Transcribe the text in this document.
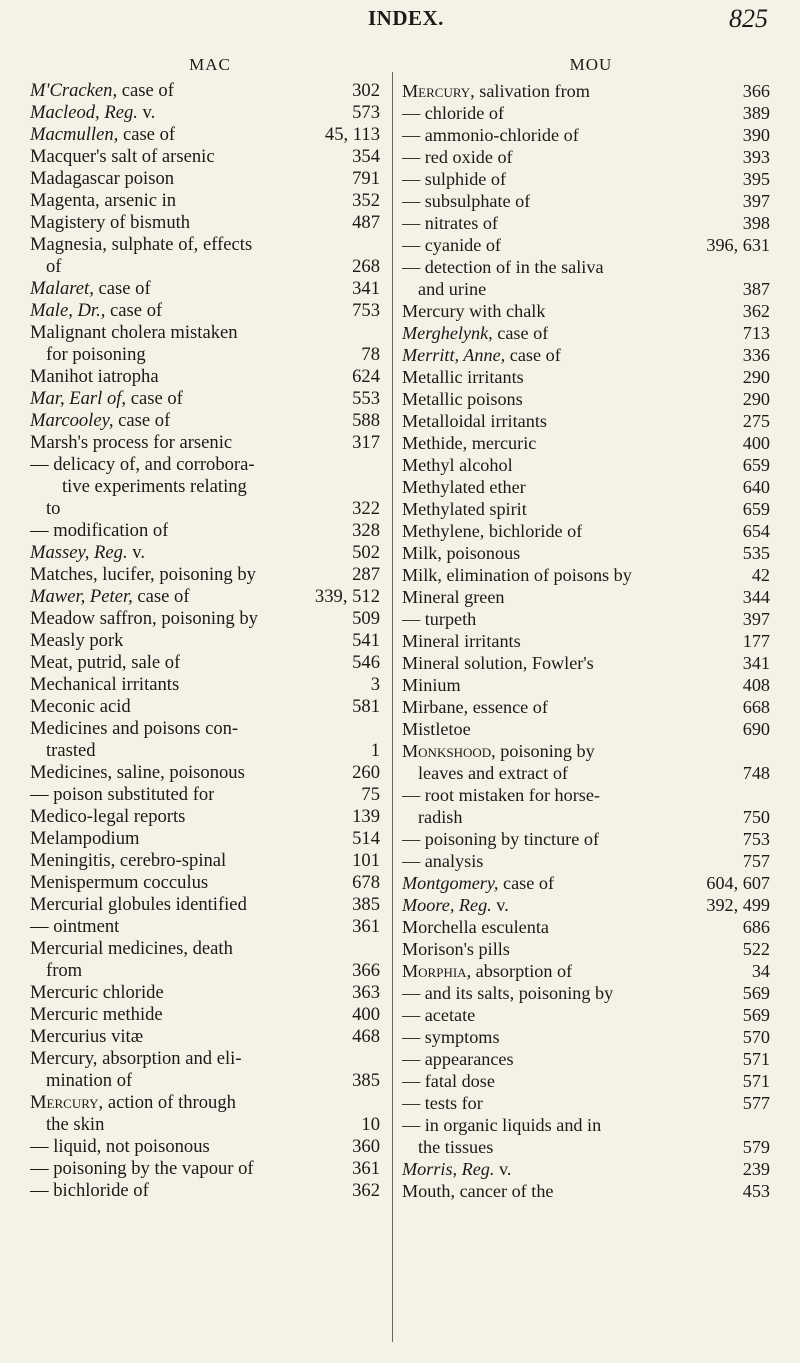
INDEX.	825
MAC
M'Cracken, case of	302
Macleod, Reg. v.	573
Macmullen, case of	45, 113
Macquer's salt of arsenic	354
Madagascar poison	791
Magenta, arsenic in	352
Magistery of bismuth	487
Magnesia, sulphate of, effects
of	268
Malaret, case of	341
Male, Dr., case of	753
Malignant cholera mistaken
for poisoning	78
Manihot iatropha	624
Mar, Earl of, case of	553
Marcooley, case of	588
Marsh's process for arsenic	317
— delicacy of, and corrobora-
tive experiments relating
to	322
— modification of	328
Massey, Reg. v.	502
Matches, lucifer, poisoning by	287
Mawer, Peter, case of	339, 512
Meadow saffron, poisoning by	509
Measly pork	541
Meat, putrid, sale of	546
Mechanical irritants	3
Meconic acid	581
Medicines and poisons con-
trasted	1
Medicines, saline, poisonous	260
— poison substituted for	75
Medico-legal reports	139
Melampodium	514
Meningitis, cerebro-spinal	101
Menispermum cocculus	678
Mercurial globules identified	385
— ointment	361
Mercurial medicines, death
from	366
Mercuric chloride	363
Mercuric methide	400
Mercurius vitæ	468
Mercury, absorption and eli-
mination of	385
Mercury, action of through
the skin	10
— liquid, not poisonous	360
— poisoning by the vapour of	361
— bichloride of	362
MOU
Mercury, salivation from	366
— chloride of	389
— ammonio-chloride of	390
— red oxide of	393
— sulphide of	395
— subsulphate of	397
— nitrates of	398
— cyanide of	396, 631
— detection of in the saliva
and urine	387
Mercury with chalk	362
Merghelynk, case of	713
Merritt, Anne, case of	336
Metallic irritants	290
Metallic poisons	290
Metalloidal irritants	275
Methide, mercuric	400
Methyl alcohol	659
Methylated ether	640
Methylated spirit	659
Methylene, bichloride of	654
Milk, poisonous	535
Milk, elimination of poisons by	42
Mineral green	344
— turpeth	397
Mineral irritants	177
Mineral solution, Fowler's	341
Minium	408
Mirbane, essence of	668
Mistletoe	690
Monkshood, poisoning by
leaves and extract of	748
— root mistaken for horse-
radish	750
— poisoning by tincture of	753
— analysis	757
Montgomery, case of	604, 607
Moore, Reg. v.	392, 499
Morchella esculenta	686
Morison's pills	522
Morphia, absorption of	34
— and its salts, poisoning by	569
— acetate	569
— symptoms	570
— appearances	571
— fatal dose	571
— tests for	577
— in organic liquids and in
the tissues	579
Morris, Reg. v.	239
Mouth, cancer of the	453
